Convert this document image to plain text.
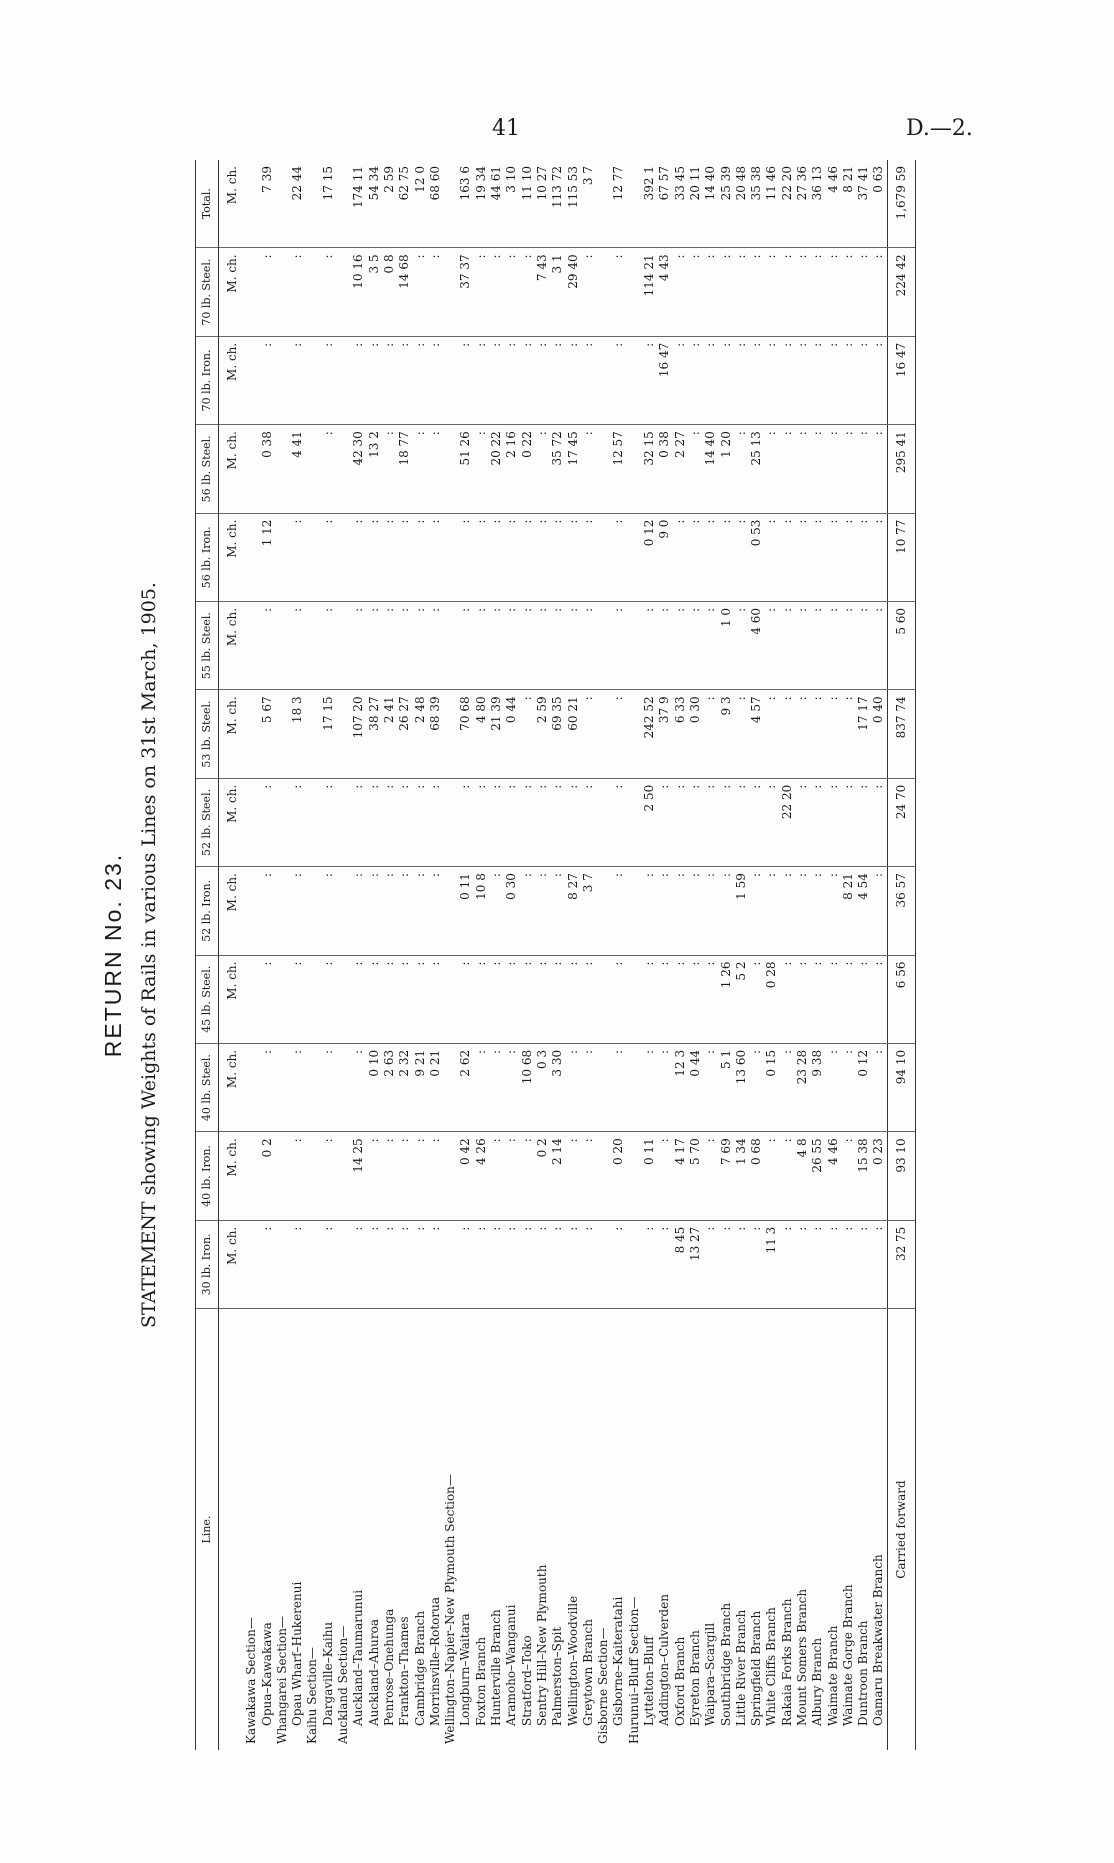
41	D.—2.
RETURN No. 23. STATEMENT showing Weights of Rails in various Lines on 31st March, 1905.
Line.	30 lb. Iron.	40 lb. Iron.	40 lb. Steel.	45 lb. Steel.	52 lb. Iron.	52 lb. Steel.	53 lb. Steel.	55 lb. Steel.	56 lb. Iron.	56 lb. Steel.	70 lb. Iron.	70 lb. Steel.	Total.
	M. ch.	M. ch.	M. ch.	M. ch.	M. ch.	M. ch.	M. ch.	M. ch.	M. ch.	M. ch.	M. ch.	M. ch.	M. ch.
Kawakawa Section—													
Opua–Kawakawa	:	0 2	:	:	:	:	5 67	:	1 12	0 38	:	:	7 39
Whangarei Section—													
Opau Wharf–Hukerenui	:	:	:	:	:	:	18 3	:	:	4 41	:	:	22 44
Kaihu Section—													
Dargaville–Kaihu	:	:	:	:	:	:	17 15	:	:	:	:	:	17 15
Auckland Section—													
Auckland–Taumarunui	:	14 25	:	:	:	:	107 20	:	:	42 30	:	10 16	174 11
Auckland–Ahuroa	:	:	0 10	:	:	:	38 27	:	:	13 2	:	3 5	54 34
Penrose–Onehunga	:	:	2 63	:	:	:	2 41	:	:	:	:	0 8	2 59
Frankton–Thames	:	:	2 32	:	:	:	26 27	:	:	18 77	:	14 68	62 75
Cambridge Branch	:	:	9 21	:	:	:	2 48	:	:	:	:	:	12 0
Morrinsville–Rotorua	:	:	0 21	:	:	:	68 39	:	:	:	:	:	68 60
Wellington–Napier–New Plymouth Section—													
Longburn–Waitara	:	0 42	2 62	:	0 11	:	70 68	:	:	51 26	:	37 37	163 6
Foxton Branch	:	4 26	:	:	10 8	:	4 80	:	:	:	:	:	19 34
Hunterville Branch	:	:	:	:	:	:	21 39	:	:	20 22	:	:	44 61
Aramoho–Wanganui	:	:	:	:	0 30	:	0 44	:	:	2 16	:	:	3 10
Stratford–Toko	:	:	10 68	:	:	:	:	:	:	0 22	:	:	11 10
Sentry Hill–New Plymouth	:	0 2	0 3	:	:	:	2 59	:	:	:	:	7 43	10 27
Palmerston–Spit	:	2 14	3 30	:	:	:	69 35	:	:	35 72	:	3 1	113 72
Wellington–Woodville	:	:	:	:	8 27	:	60 21	:	:	17 45	:	29 40	115 53
Greytown Branch	:	:	:	:	3 7	:	:	:	:	:	:	:	3 7
Gisborne Section—													
Gisborne–Kaiteratahi	:	0 20	:	:	:	:	:	:	:	12 57	:	:	12 77
Hurunui–Bluff Section—													
Lyttelton–Bluff	:	0 11	:	:	:	2 50	242 52	:	0 12	32 15	:	114 21	392 1
Addington–Culverden	:	:	:	:	:	:	37 9	:	9 0	0 38	16 47	4 43	67 57
Oxford Branch	8 45	4 17	12 3	:	:	:	6 33	:	:	2 27	:	:	33 45
Eyreton Branch	13 27	5 70	0 44	:	:	:	0 30	:	:	:	:	:	20 11
Waipara–Scargill	:	:	:	:	:	:	:	:	:	14 40	:	:	14 40
Southbridge Branch	:	7 69	5 1	1 26	:	:	9 3	1 0	:	1 20	:	:	25 39
Little River Branch	:	1 34	13 60	5 2	1 59	:	:	:	:	:	:	:	20 48
Springfield Branch	:	0 68	:	:	:	:	4 57	4 60	0 53	25 13	:	:	35 38
White Cliffs Branch	11 3	:	0 15	0 28	:	:	:	:	:	:	:	:	11 46
Rakaia Forks Branch	:	:	:	:	:	22 20	:	:	:	:	:	:	22 20
Mount Somers Branch	:	4 8	23 28	:	:	:	:	:	:	:	:	:	27 36
Albury Branch	:	26 55	9 38	:	:	:	:	:	:	:	:	:	36 13
Waimate Branch	:	4 46	:	:	:	:	:	:	:	:	:	:	4 46
Waimate Gorge Branch	:	:	:	:	8 21	:	:	:	:	:	:	:	8 21
Duntroon Branch	:	15 38	0 12	:	4 54	:	17 17	:	:	:	:	:	37 41
Oamaru Breakwater Branch	:	0 23	:	:	:	:	0 40	:	:	:	:	:	0 63
Carried forward	32 75	93 10	94 10	6 56	36 57	24 70	837 74	5 60	10 77	295 41	16 47	224 42	1,679 59
